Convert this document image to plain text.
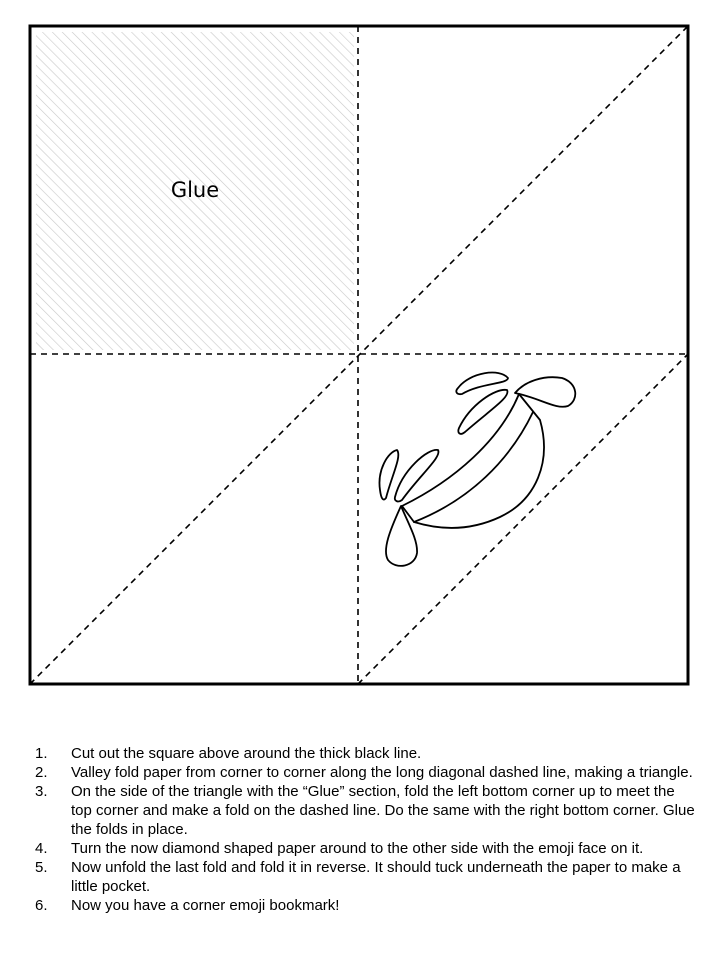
Glue
1.	Cut out the square above around the thick black line.
2.	Valley fold paper from corner to corner along the long diagonal dashed line, making a triangle.
3.	On the side of the triangle with the “Glue” section, fold the left bottom corner up to meet the top corner and make a fold on the dashed line. Do the same with the right bottom corner. Glue the folds in place.
4.	Turn the now diamond shaped paper around to the other side with the emoji face on it.
5.	Now unfold the last fold and fold it in reverse. It should tuck underneath the paper to make a little pocket.
6.	Now you have a corner emoji bookmark!
